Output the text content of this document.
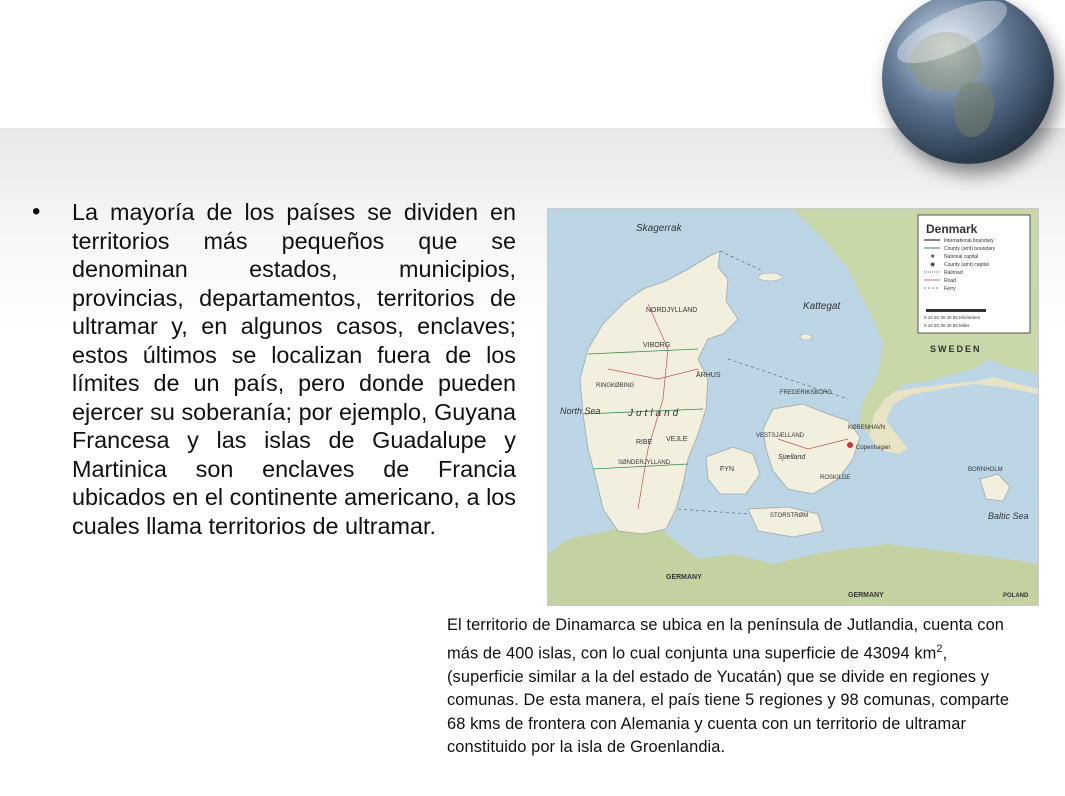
• La mayoría de los países se dividen en territorios más pequeños que se denominan estados, municipios, provincias, departamentos, territorios de ultramar y, en algunos casos, enclaves; estos últimos se localizan fuera de los límites de un país, pero donde pueden ejercer su soberanía; por ejemplo, Guyana Francesa y las islas de Guadalupe y Martinica son enclaves de Francia ubicados en el continente americano, a los cuales llama territorios de ultramar.

Skagerrak
Kattegat
North Sea
Baltic Sea
SWEDEN
GERMANY
GERMANY	POLAND
Jutland
NORDJYLLAND
VIBORG
ÅRHUS
RINGKØBING
VEJLE
RIBE
SØNDERJYLLAND
FYN
VESTSJÆLLAND
STORSTRØM
ROSKILDE
FREDERIKSBORG
KØBENHAVN
Copenhagen
BORNHOLM
Sjælland
Denmark
International boundary
County (amt) boundary
★ National capital
◉ County (amt) capital
Railroad
Road
Ferry
0 10 20 30 40 50 Kilometers
0 10 20 30 40 50 Miles

El territorio de Dinamarca se ubica en la península de Jutlandia, cuenta con más de 400 islas, con lo cual conjunta una superficie de 43094 $km^2$, (superficie similar a la del estado de Yucatán) que se divide en regiones y comunas. De esta manera, el país tiene 5 regiones y 98 comunas, comparte 68 kms de frontera con Alemania y cuenta con un territorio de ultramar constituido por la isla de Groenlandia.
